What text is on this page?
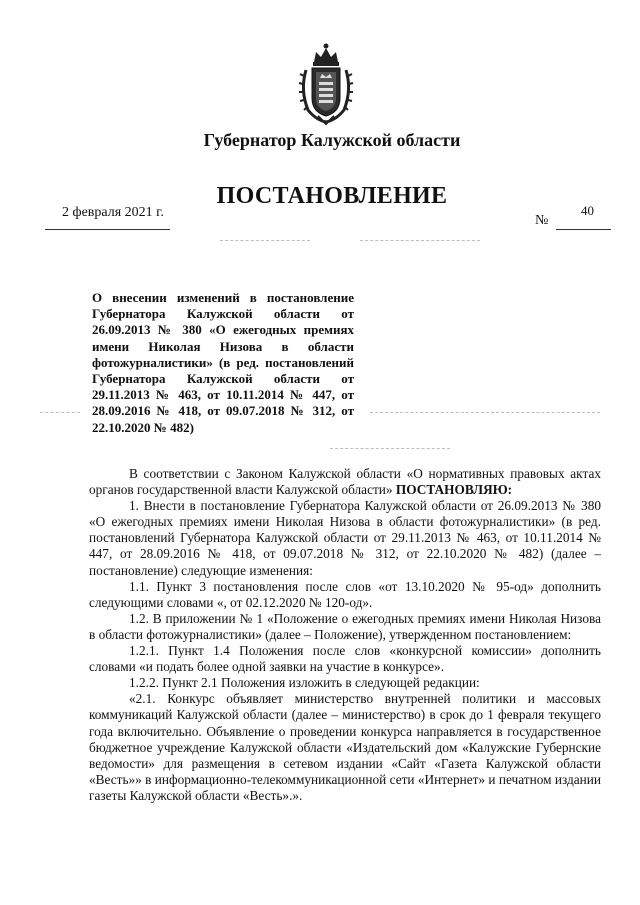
Губернатор Калужской области
ПОСТАНОВЛЕНИЕ
2 февраля 2021 г.
№
40
О внесении изменений в постановление Губернатора Калужской области от 26.09.2013 № 380 «О ежегодных премиях имени Николая Низова в области фотожурналистики» (в ред. постановлений Губернатора Калужской области от 29.11.2013 № 463, от 10.11.2014 № 447, от 28.09.2016 № 418, от 09.07.2018 № 312, от 22.10.2020 № 482)

В соответствии с Законом Калужской области «О нормативных правовых актах органов государственной власти Калужской области» ПОСТАНОВЛЯЮ:

1. Внести в постановление Губернатора Калужской области от 26.09.2013 № 380 «О ежегодных премиях имени Николая Низова в области фотожурналистики» (в ред. постановлений Губернатора Калужской области от 29.11.2013 № 463, от 10.11.2014 № 447, от 28.09.2016 № 418, от 09.07.2018 № 312, от 22.10.2020 № 482) (далее – постановление) следующие изменения:

1.1. Пункт 3 постановления после слов «от 13.10.2020 № 95-од» дополнить следующими словами «, от 02.12.2020 № 120-од».

1.2. В приложении № 1 «Положение о ежегодных премиях имени Николая Низова в области фотожурналистики» (далее – Положение), утвержденном постановлением:

1.2.1. Пункт 1.4 Положения после слов «конкурсной комиссии» дополнить словами «и подать более одной заявки на участие в конкурсе».

1.2.2. Пункт 2.1 Положения изложить в следующей редакции:

«2.1. Конкурс объявляет министерство внутренней политики и массовых коммуникаций Калужской области (далее – министерство) в срок до 1 февраля текущего года включительно. Объявление о проведении конкурса направляется в государственное бюджетное учреждение Калужской области «Издательский дом «Калужские Губернские ведомости» для размещения в сетевом издании «Сайт «Газета Калужской области «Весть»» в информационно-телекоммуникационной сети «Интернет» и печатном издании газеты Калужской области «Весть».».
